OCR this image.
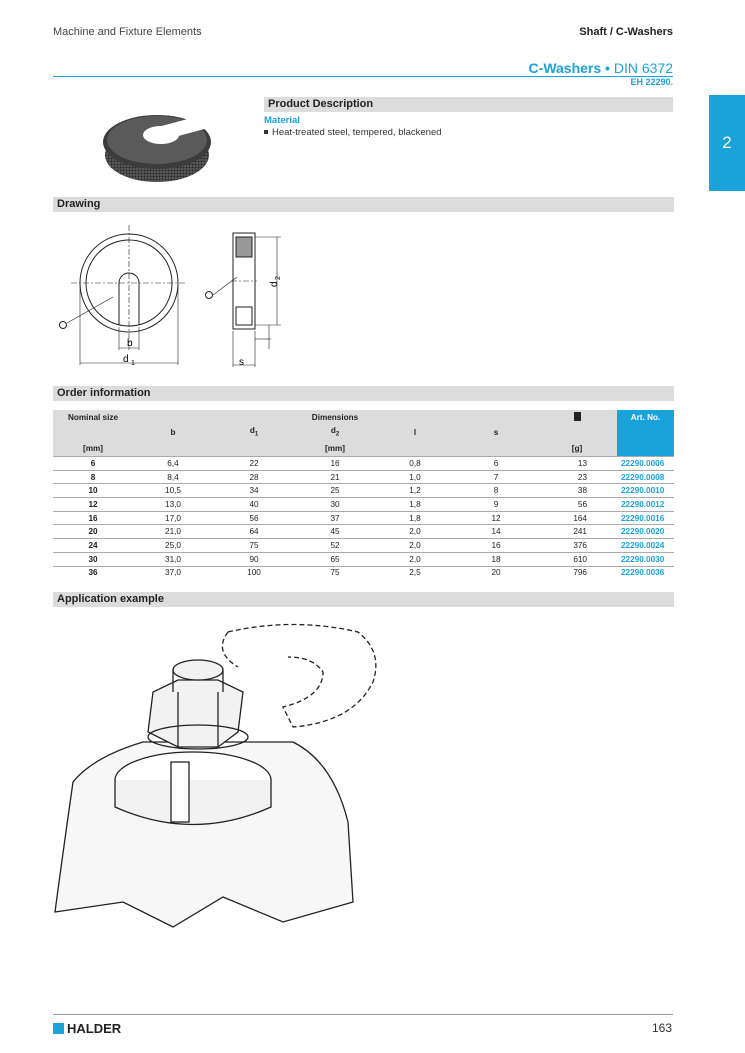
Machine and Fixture Elements	Shaft / C-Washers
C-Washers • DIN 6372
EH 22290.
2
Product Description
Material
Heat-treated steel, tempered, blackened
Drawing
b
d 1
d
2
s
Order information
Nominal size	Dimensions						Art. No.
	b	$d_1$	$d_2$	l	s		
[mm]	[mm]					[g]	
6	6,4	22	16	0,8	6	13	22290.0006
8	8,4	28	21	1,0	7	23	22290.0008
10	10,5	34	25	1,2	8	38	22290.0010
12	13,0	40	30	1,8	9	56	22290.0012
16	17,0	56	37	1,8	12	164	22290.0016
20	21,0	64	45	2,0	14	241	22290.0020
24	25,0	75	52	2,0	16	376	22290.0024
30	31,0	90	65	2,0	18	610	22290.0030
36	37,0	100	75	2,5	20	796	22290.0036
Application example
HALDER	163
